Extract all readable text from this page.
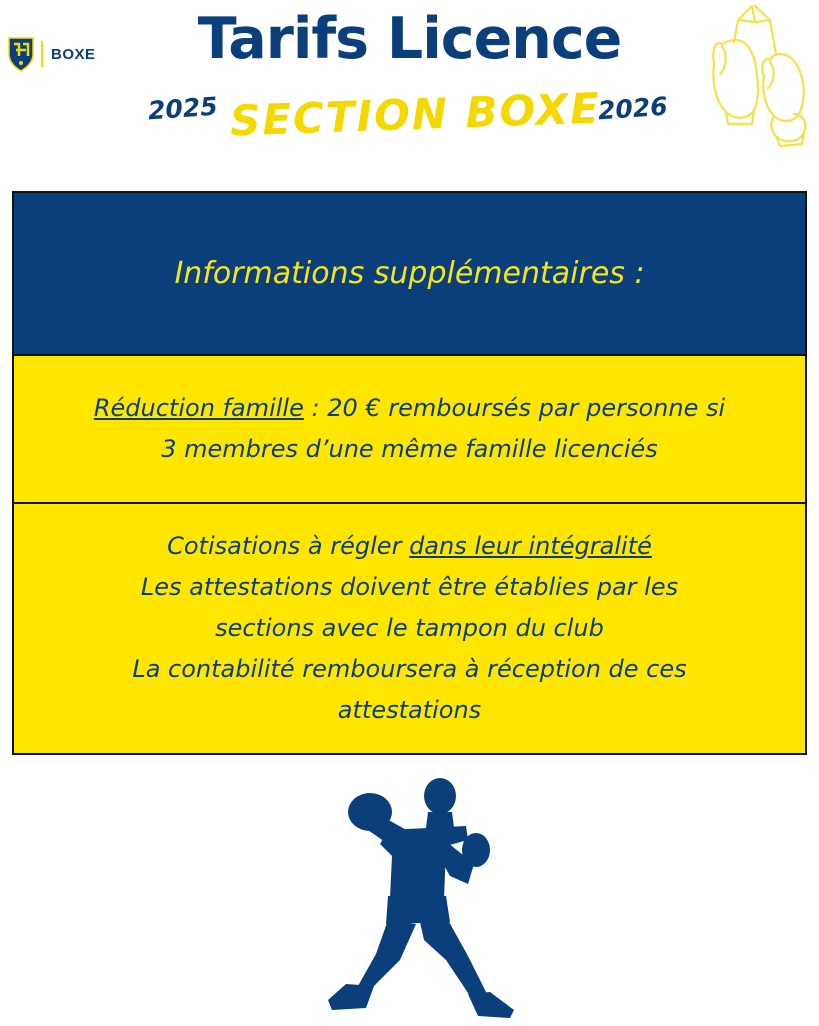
BOXE	Tarifs Licence
2025 SECTION BOXE
2026
Informations supplémentaires :
Réduction famille : 20 € remboursés par personne si
3 membres d’une même famille licenciés
Cotisations à régler dans leur intégralité
Les attestations doivent être établies par les
sections avec le tampon du club
La contabilité remboursera à réception de ces
attestations
